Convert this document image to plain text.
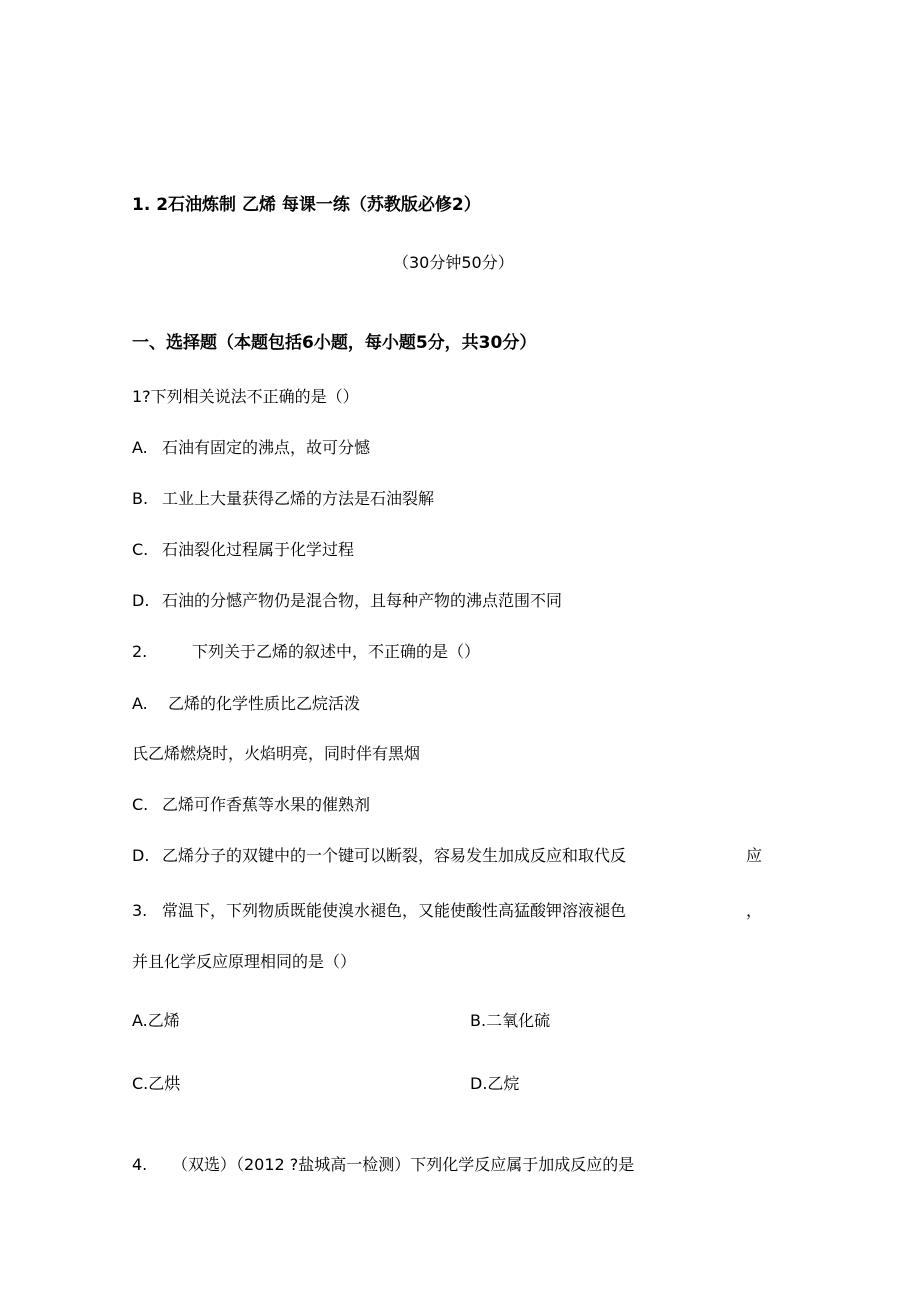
1. 2石油炼制 乙烯 每课一练（苏教版必修2）
（30分钟50分）
一、选择题（本题包括6小题，每小题5分，共30分）
1?下列相关说法不正确的是（）
A. 石油有固定的沸点，故可分憾
B. 工业上大量获得乙烯的方法是石油裂解
C. 石油裂化过程属于化学过程
D. 石油的分憾产物仍是混合物，且每种产物的沸点范围不同
2.	下列关于乙烯的叙述中，不正确的是（）
A. 乙烯的化学性质比乙烷活泼
氏乙烯燃烧时，火焰明亮，同时伴有黑烟
C. 乙烯可作香蕉等水果的催熟剂
D. 乙烯分子的双键中的一个键可以断裂，容易发生加成反应和取代反	应
3. 常温下，下列物质既能使溴水褪色，又能使酸性高猛酸钾溶液褪色	，
并且化学反应原理相同的是（）
A.乙烯	B.二氧化硫
C.乙烘	D.乙烷
4. （双选）（2012 ?盐城高一检测）下列化学反应属于加成反应的是
